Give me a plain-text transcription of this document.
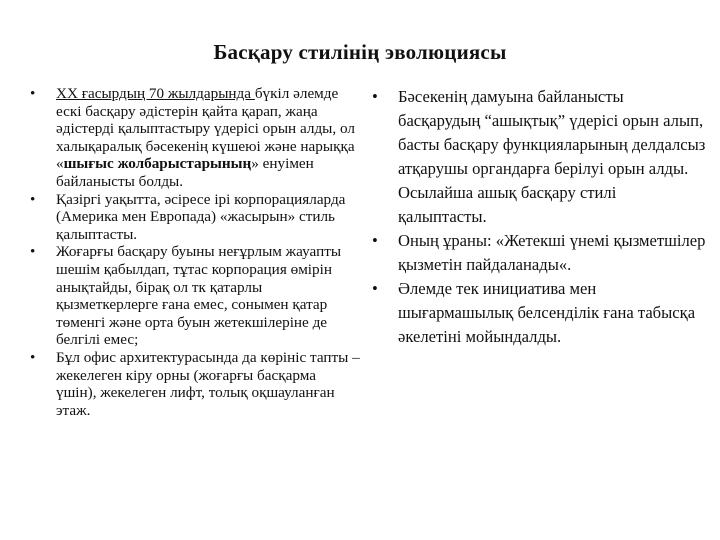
Басқару стилінің эволюциясы
• XX ғасырдың 70 жылдарында бүкіл әлемде ескі басқару әдістерін қайта қарап, жаңа әдістерді қалыптастыру үдерісі орын алды, ол халықаралық бәсекенің күшеюі және нарыққа «шығыс жолбарыстарының» енуімен байланысты болды.
• Қазіргі уақытта, әсіресе ірі корпорацияларда (Америка мен Европада) «жасырын» стиль қалыптасты.
• Жоғарғы басқару буыны неғұрлым жауапты шешім қабылдап, тұтас корпорация өмірін анықтайды, бірақ ол тк қатарлы қызметкерлерге ғана емес, сонымен қатар төменгі және орта буын жетекшілеріне де белгілі емес;
• Бұл офис архитектурасында да көрініс тапты – жекелеген кіру орны (жоғарғы басқарма үшін), жекелеген лифт, толық оқшауланған этаж.
• Бәсекенің дамуына байланысты басқарудың “ашықтық” үдерісі орын алып, басты басқару функцияларының делдалсыз атқарушы органдарға берілуі орын алды. Осылайша ашық басқару стилі қалыптасты.
• Оның ұраны: «Жетекші үнемі қызметшілер қызметін пайдаланады«.
• Әлемде тек инициатива мен шығармашылық белсенділік ғана табысқа әкелетіні мойындалды.
